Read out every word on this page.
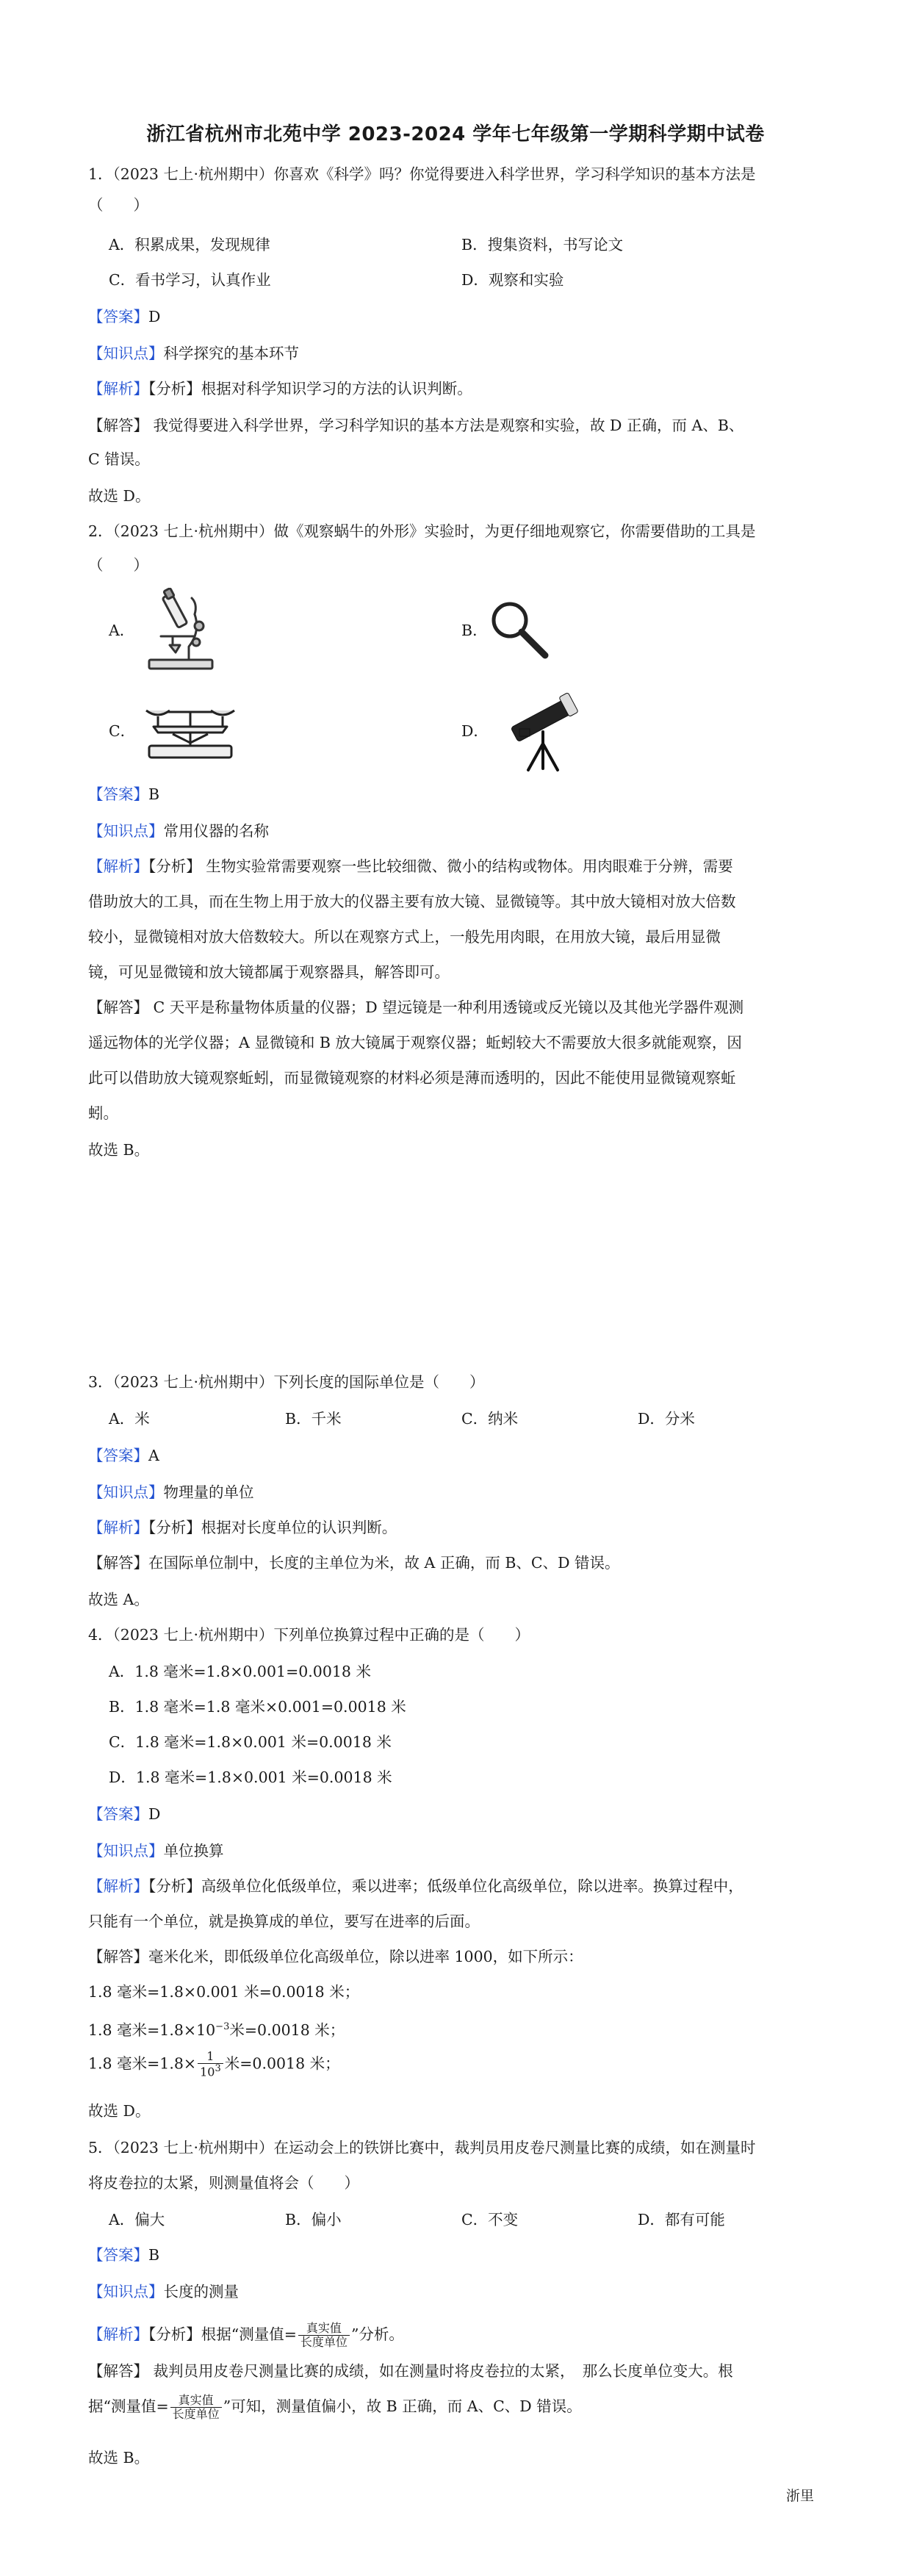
浙江省杭州市北苑中学 2023-2024 学年七年级第一学期科学期中试卷
1．（2023 七上·杭州期中）你喜欢《科学》吗？你觉得要进入科学世界，学习科学知识的基本方法是
（　　）
A．积累成果，发现规律	B．搜集资料，书写论文
C．看书学习，认真作业	D．观察和实验
【答案】D
【知识点】科学探究的基本环节
【解析】【分析】根据对科学知识学习的方法的认识判断。
【解答】 我觉得要进入科学世界，学习科学知识的基本方法是观察和实验，故 D 正确，而 A、B、
C 错误。
故选 D。
2．（2023 七上·杭州期中）做《观察蜗牛的外形》实验时，为更仔细地观察它，你需要借助的工具是
（　　）
A．	B．
C．	D．
【答案】B
【知识点】常用仪器的名称
【解析】【分析】 生物实验常需要观察一些比较细微、微小的结构或物体。用肉眼难于分辨，需要
借助放大的工具，而在生物上用于放大的仪器主要有放大镜、显微镜等。其中放大镜相对放大倍数
较小，显微镜相对放大倍数较大。所以在观察方式上，一般先用肉眼，在用放大镜，最后用显微
镜，可见显微镜和放大镜都属于观察器具，解答即可。
【解答】 C 天平是称量物体质量的仪器；D 望远镜是一种利用透镜或反光镜以及其他光学器件观测
遥远物体的光学仪器；A 显微镜和 B 放大镜属于观察仪器；蚯蚓较大不需要放大很多就能观察，因
此可以借助放大镜观察蚯蚓，而显微镜观察的材料必须是薄而透明的，因此不能使用显微镜观察蚯
蚓。
故选 B。
3．（2023 七上·杭州期中）下列长度的国际单位是（　　）
A．米	B．千米	C．纳米	D．分米
【答案】A
【知识点】物理量的单位
【解析】【分析】根据对长度单位的认识判断。
【解答】在国际单位制中，长度的主单位为米，故 A 正确，而 B、C、D 错误。
故选 A。
4．（2023 七上·杭州期中）下列单位换算过程中正确的是（　　）
A．1.8 毫米=1.8×0.001=0.0018 米
B．1.8 毫米=1.8 毫米×0.001=0.0018 米
C．1.8 毫米=1.8×0.001 米=0.0018 米
D．1.8 毫米=1.8×0.001 米=0.0018 米
【答案】D
【知识点】单位换算
【解析】【分析】高级单位化低级单位，乘以进率；低级单位化高级单位，除以进率。换算过程中，
只能有一个单位，就是换算成的单位，要写在进率的后面。
【解答】毫米化米，即低级单位化高级单位，除以进率 1000，如下所示：
1.8 毫米=1.8×0.001 米=0.0018 米；
1.8 毫米$=1.8\times 10^{-3}$米=0.0018 米；
1.8 毫米$=1.8\times \frac{1}{10^3}$ 米=0.0018 米；
故选 D。
5．（2023 七上·杭州期中）在运动会上的铁饼比赛中，裁判员用皮卷尺测量比赛的成绩，如在测量时
将皮卷拉的太紧，则测量值将会（　　）
A．偏大	B．偏小	C．不变	D．都有可能
【答案】B
【知识点】长度的测量
【解析】【分析】根据“测量值= $\frac{\text{真实值}}{\text{长度单位}}$ ”分析。
【解答】 裁判员用皮卷尺测量比赛的成绩，如在测量时将皮卷拉的太紧，　那么长度单位变大。根
据“测量值= $\frac{\text{真实值}}{\text{长度单位}}$ ”可知，测量值偏小，故 B 正确，而 A、C、D 错误。
故选 B。
浙里
